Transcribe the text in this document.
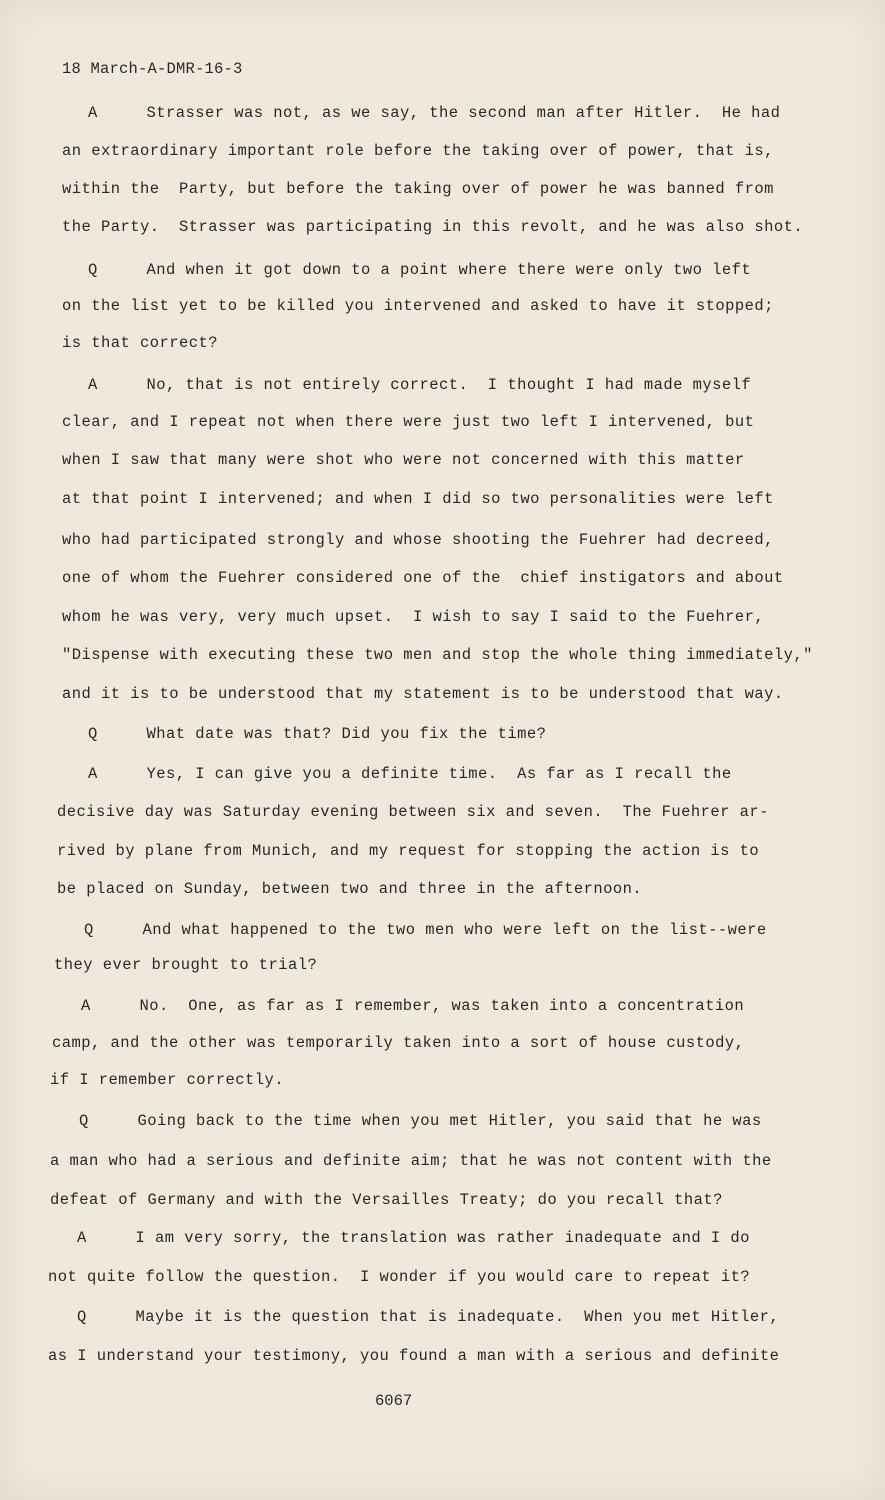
18 March-A-DMR-16-3
A     Strasser was not, as we say, the second man after Hitler.  He had
an extraordinary important role before the taking over of power, that is,
within the  Party, but before the taking over of power he was banned from
the Party.  Strasser was participating in this revolt, and he was also shot.
Q     And when it got down to a point where there were only two left
on the list yet to be killed you intervened and asked to have it stopped;
is that correct?
A     No, that is not entirely correct.  I thought I had made myself
clear, and I repeat not when there were just two left I intervened, but
when I saw that many were shot who were not concerned with this matter
at that point I intervened; and when I did so two personalities were left
who had participated strongly and whose shooting the Fuehrer had decreed,
one of whom the Fuehrer considered one of the  chief instigators and about
whom he was very, very much upset.  I wish to say I said to the Fuehrer,
"Dispense with executing these two men and stop the whole thing immediately,"
and it is to be understood that my statement is to be understood that way.
Q     What date was that? Did you fix the time?
A     Yes, I can give you a definite time.  As far as I recall the
decisive day was Saturday evening between six and seven.  The Fuehrer ar-
rived by plane from Munich, and my request for stopping the action is to
be placed on Sunday, between two and three in the afternoon.
Q     And what happened to the two men who were left on the list--were
they ever brought to trial?
A     No.  One, as far as I remember, was taken into a concentration
camp, and the other was temporarily taken into a sort of house custody,
if I remember correctly.
Q     Going back to the time when you met Hitler, you said that he was
a man who had a serious and definite aim; that he was not content with the
defeat of Germany and with the Versailles Treaty; do you recall that?
A     I am very sorry, the translation was rather inadequate and I do
not quite follow the question.  I wonder if you would care to repeat it?
Q     Maybe it is the question that is inadequate.  When you met Hitler,
as I understand your testimony, you found a man with a serious and definite
6067
